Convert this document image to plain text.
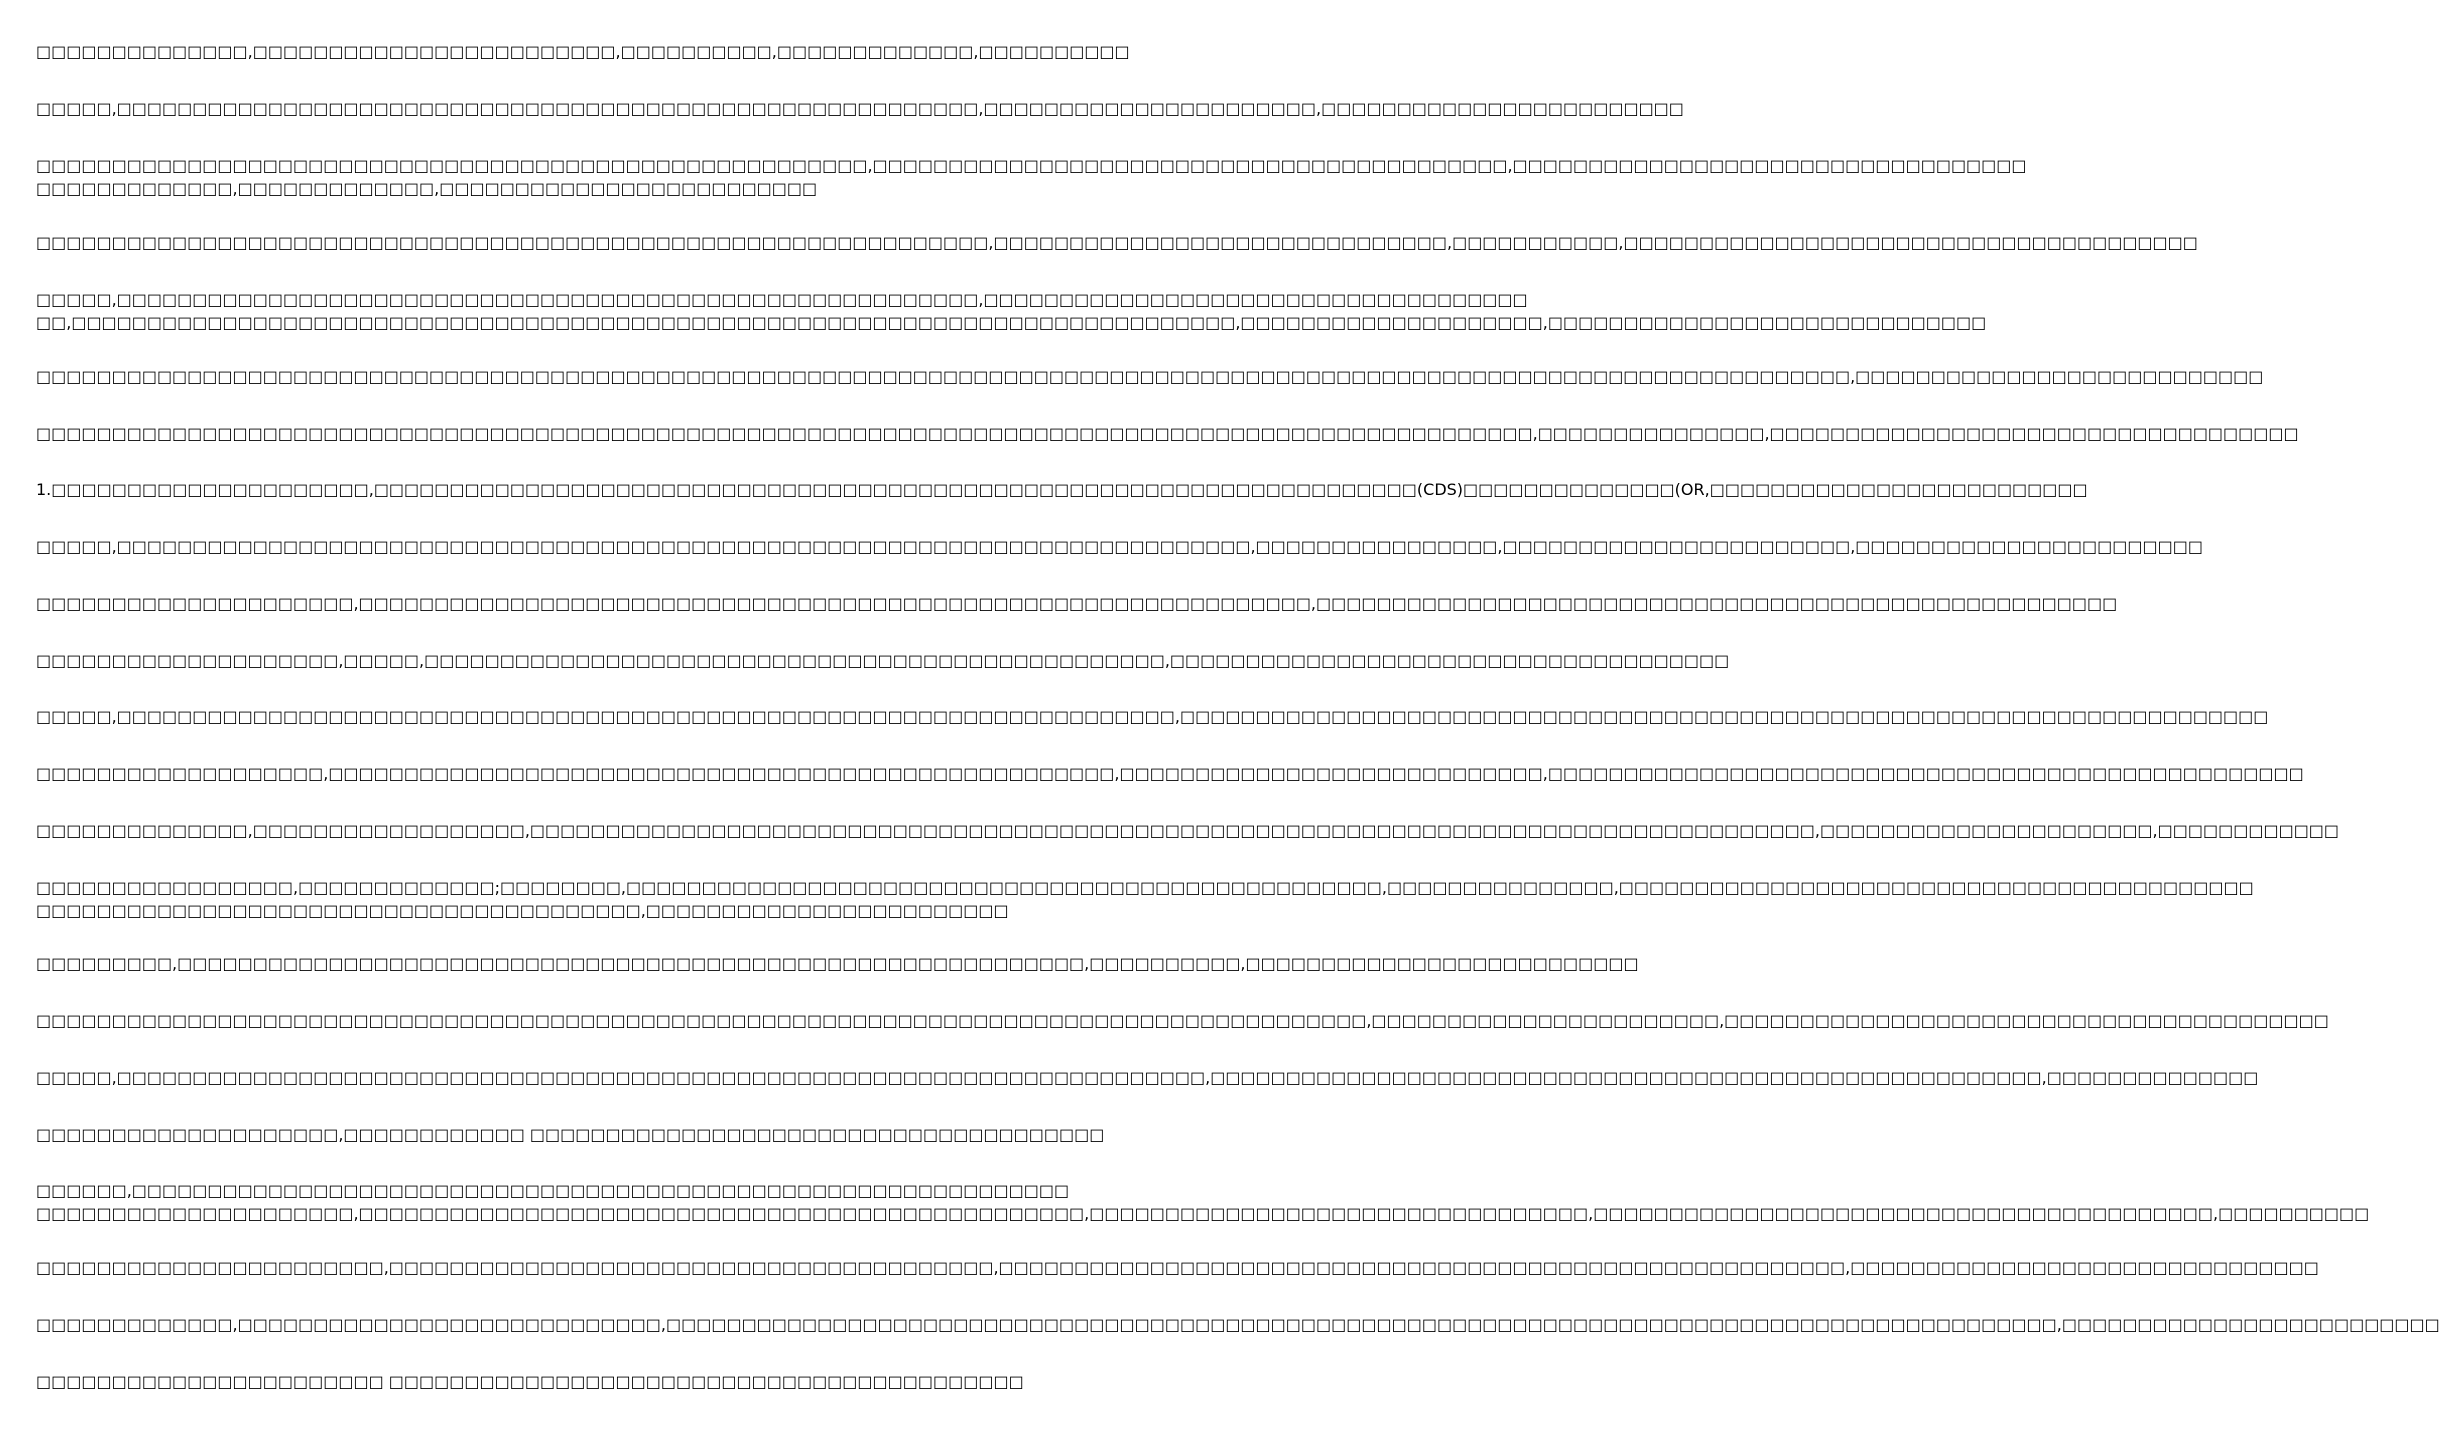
□□□□□□□□□□□□□□,□□□□□□□□□□□□□□□□□□□□□□□□,□□□□□□□□□□,□□□□□□□□□□□□□,□□□□□□□□□□
□□□□□,□□□□□□□□□□□□□□□□□□□□□□□□□□□□□□□□□□□□□□□□□□□□□□□□□□□□□□□□□,□□□□□□□□□□□□□□□□□□□□□□,□□□□□□□□□□□□□□□□□□□□□□□□
□□□□□□□□□□□□□□□□□□□□□□□□□□□□□□□□□□□□□□□□□□□□□□□□□□□□□□□,□□□□□□□□□□□□□□□□□□□□□□□□□□□□□□□□□□□□□□□□□□,□□□□□□□□□□□□□□□□□□□□□□□□□□□□□□□□□□
□□□□□□□□□□□□□,□□□□□□□□□□□□□,□□□□□□□□□□□□□□□□□□□□□□□□□
□□□□□□□□□□□□□□□□□□□□□□□□□□□□□□□□□□□□□□□□□□□□□□□□□□□□□□□□□□□□□□□,□□□□□□□□□□□□□□□□□□□□□□□□□□□□□□,□□□□□□□□□□□,□□□□□□□□□□□□□□□□□□□□□□□□□□□□□□□□□□□□□□
□□□□□,□□□□□□□□□□□□□□□□□□□□□□□□□□□□□□□□□□□□□□□□□□□□□□□□□□□□□□□□□,□□□□□□□□□□□□□□□□□□□□□□□□□□□□□□□□□□□□
□□,□□□□□□□□□□□□□□□□□□□□□□□□□□□□□□□□□□□□□□□□□□□□□□□□□□□□□□□□□□□□□□□□□□□□□□□□□□□□□,□□□□□□□□□□□□□□□□□□□□,□□□□□□□□□□□□□□□□□□□□□□□□□□□□□
□□□□□□□□□□□□□□□□□□□□□□□□□□□□□□□□□□□□□□□□□□□□□□□□□□□□□□□□□□□□□□□□□□□□□□□□□□□□□□□□□□□□□□□□□□□□□□□□□□□□□□□□□□□□□□□□□□□□□□□□,□□□□□□□□□□□□□□□□□□□□□□□□□□□
□□□□□□□□□□□□□□□□□□□□□□□□□□□□□□□□□□□□□□□□□□□□□□□□□□□□□□□□□□□□□□□□□□□□□□□□□□□□□□□□□□□□□□□□□□□□□□□□□□□,□□□□□□□□□□□□□□□,□□□□□□□□□□□□□□□□□□□□□□□□□□□□□□□□□□□
1.□□□□□□□□□□□□□□□□□□□□□,□□□□□□□□□□□□□□□□□□□□□□□□□□□□□□□□□□□□□□□□□□□□□□□□□□□□□□□□□□□□□□□□□□□□□(CDS)□□□□□□□□□□□□□□(OR,□□□□□□□□□□□□□□□□□□□□□□□□□
□□□□□,□□□□□□□□□□□□□□□□□□□□□□□□□□□□□□□□□□□□□□□□□□□□□□□□□□□□□□□□□□□□□□□□□□□□□□□□□□□,□□□□□□□□□□□□□□□□,□□□□□□□□□□□□□□□□□□□□□□□,□□□□□□□□□□□□□□□□□□□□□□□
□□□□□□□□□□□□□□□□□□□□□,□□□□□□□□□□□□□□□□□□□□□□□□□□□□□□□□□□□□□□□□□□□□□□□□□□□□□□□□□□□□□□□,□□□□□□□□□□□□□□□□□□□□□□□□□□□□□□□□□□□□□□□□□□□□□□□□□□□□□
□□□□□□□□□□□□□□□□□□□□,□□□□□,□□□□□□□□□□□□□□□□□□□□□□□□□□□□□□□□□□□□□□□□□□□□□□□□□,□□□□□□□□□□□□□□□□□□□□□□□□□□□□□□□□□□□□□
□□□□□,□□□□□□□□□□□□□□□□□□□□□□□□□□□□□□□□□□□□□□□□□□□□□□□□□□□□□□□□□□□□□□□□□□□□□□,□□□□□□□□□□□□□□□□□□□□□□□□□□□□□□□□□□□□□□□□□□□□□□□□□□□□□□□□□□□□□□□□□□□□□□□□
□□□□□□□□□□□□□□□□□□□,□□□□□□□□□□□□□□□□□□□□□□□□□□□□□□□□□□□□□□□□□□□□□□□□□□□□,□□□□□□□□□□□□□□□□□□□□□□□□□□□□,□□□□□□□□□□□□□□□□□□□□□□□□□□□□□□□□□□□□□□□□□□□□□□□□□□
□□□□□□□□□□□□□□,□□□□□□□□□□□□□□□□□□,□□□□□□□□□□□□□□□□□□□□□□□□□□□□□□□□□□□□□□□□□□□□□□□□□□□□□□□□□□□□□□□□□□□□□□□□□□□□□□□□□□□□□,□□□□□□□□□□□□□□□□□□□□□□,□□□□□□□□□□□□
□□□□□□□□□□□□□□□□□,□□□□□□□□□□□□□;□□□□□□□□,□□□□□□□□□□□□□□□□□□□□□□□□□□□□□□□□□□□□□□□□□□□□□□□□□□,□□□□□□□□□□□□□□□,□□□□□□□□□□□□□□□□□□□□□□□□□□□□□□□□□□□□□□□□□□
□□□□□□□□□□□□□□□□□□□□□□□□□□□□□□□□□□□□□□□□,□□□□□□□□□□□□□□□□□□□□□□□□
□□□□□□□□□,□□□□□□□□□□□□□□□□□□□□□□□□□□□□□□□□□□□□□□□□□□□□□□□□□□□□□□□□□□□□,□□□□□□□□□□,□□□□□□□□□□□□□□□□□□□□□□□□□□
□□□□□□□□□□□□□□□□□□□□□□□□□□□□□□□□□□□□□□□□□□□□□□□□□□□□□□□□□□□□□□□□□□□□□□□□□□□□□□□□□□□□□□□□,□□□□□□□□□□□□□□□□□□□□□□□,□□□□□□□□□□□□□□□□□□□□□□□□□□□□□□□□□□□□□□□□
□□□□□,□□□□□□□□□□□□□□□□□□□□□□□□□□□□□□□□□□□□□□□□□□□□□□□□□□□□□□□□□□□□□□□□□□□□□□□□,□□□□□□□□□□□□□□□□□□□□□□□□□□□□□□□□□□□□□□□□□□□□□□□□□□□□□□□,□□□□□□□□□□□□□□
□□□□□□□□□□□□□□□□□□□□,□□□□□□□□□□□□ □□□□□□□□□□□□□□□□□□□□□□□□□□□□□□□□□□□□□□
□□□□□□,□□□□□□□□□□□□□□□□□□□□□□□□□□□□□□□□□□□□□□□□□□□□□□□□□□□□□□□□□□□□□□
□□□□□□□□□□□□□□□□□□□□□,□□□□□□□□□□□□□□□□□□□□□□□□□□□□□□□□□□□□□□□□□□□□□□□□,□□□□□□□□□□□□□□□□□□□□□□□□□□□□□□□□□,□□□□□□□□□□□□□□□□□□□□□□□□□□□□□□□□□□□□□□□□□,□□□□□□□□□□
□□□□□□□□□□□□□□□□□□□□□□□,□□□□□□□□□□□□□□□□□□□□□□□□□□□□□□□□□□□□□□□□,□□□□□□□□□□□□□□□□□□□□□□□□□□□□□□□□□□□□□□□□□□□□□□□□□□□□□□□□,□□□□□□□□□□□□□□□□□□□□□□□□□□□□□□□
□□□□□□□□□□□□□,□□□□□□□□□□□□□□□□□□□□□□□□□□□□,□□□□□□□□□□□□□□□□□□□□□□□□□□□□□□□□□□□□□□□□□□□□□□□□□□□□□□□□□□□□□□□□□□□□□□□□□□□□□□□□□□□□□□□□□□□□,□□□□□□□□□□□□□□□□□□□□□□□□□
□□□□□□□□□□□□□□□□□□□□□□□ □□□□□□□□□□□□□□□□□□□□□□□□□□□□□□□□□□□□□□□□□□
